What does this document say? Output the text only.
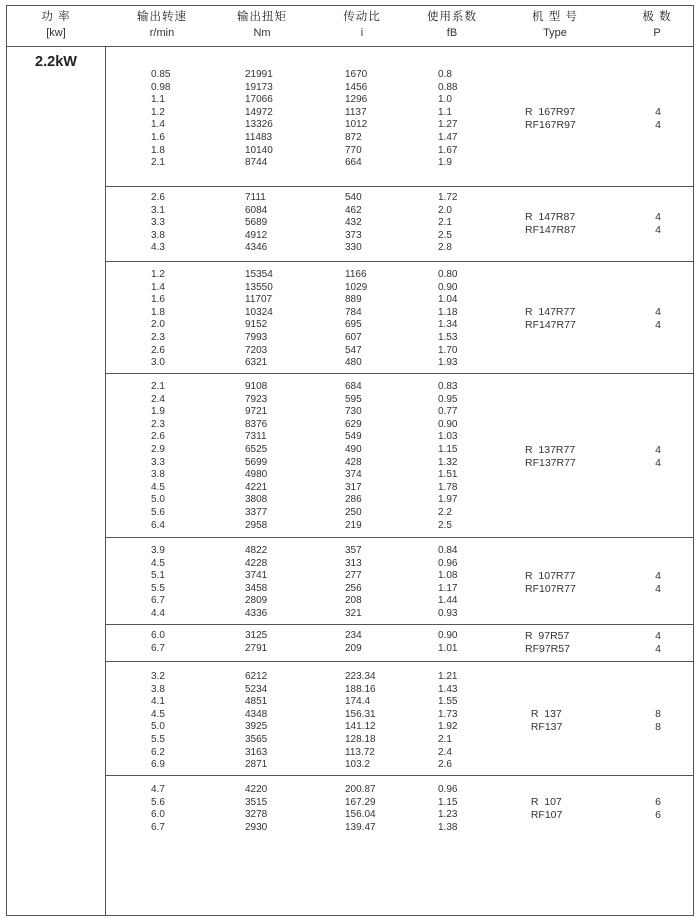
功 率
[kw]
输出转速
r/min
输出扭矩
Nm
传动比
i
使用系数
fB
机 型 号
Type
极 数
P
2.2kW
0.85
0.98
1.1
1.2
1.4
1.6
1.8
2.1
21991
19173
17066
14972
13326
11483
10140
8744
1670
1456
1296
1137
1012
872
770
664
0.8
0.88
1.0
1.1
1.27
1.47
1.67
1.9
R  167R97
RF167R97
4
4
2.6
3.1
3.3
3.8
4.3
7111
6084
5689
4912
4346
540
462
432
373
330
1.72
2.0
2.1
2.5
2.8
R  147R87
RF147R87
4
4
1.2
1.4
1.6
1.8
2.0
2.3
2.6
3.0
15354
13550
11707
10324
9152
7993
7203
6321
1166
1029
889
784
695
607
547
480
0.80
0.90
1.04
1.18
1.34
1.53
1.70
1.93
R  147R77
RF147R77
4
4
2.1
2.4
1.9
2.3
2.6
2.9
3.3
3.8
4.5
5.0
5.6
6.4
9108
7923
9721
8376
7311
6525
5699
4980
4221
3808
3377
2958
684
595
730
629
549
490
428
374
317
286
250
219
0.83
0.95
0.77
0.90
1.03
1.15
1.32
1.51
1.78
1.97
2.2
2.5
R  137R77
RF137R77
4
4
3.9
4.5
5.1
5.5
6.7
4.4
4822
4228
3741
3458
2809
4336
357
313
277
256
208
321
0.84
0.96
1.08
1.17
1.44
0.93
R  107R77
RF107R77
4
4
6.0
6.7
3125
2791
234
209
0.90
1.01
R  97R57
RF97R57
4
4
3.2
3.8
4.1
4.5
5.0
5.5
6.2
6.9
6212
5234
4851
4348
3925
3565
3163
2871
223.34
188.16
174.4
156.31
141.12
128.18
113.72
103.2
1.21
1.43
1.55
1.73
1.92
2.1
2.4
2.6
R  137
RF137
8
8
4.7
5.6
6.0
6.7
4220
3515
3278
2930
200.87
167.29
156.04
139.47
0.96
1.15
1.23
1.38
R  107
RF107
6
6
